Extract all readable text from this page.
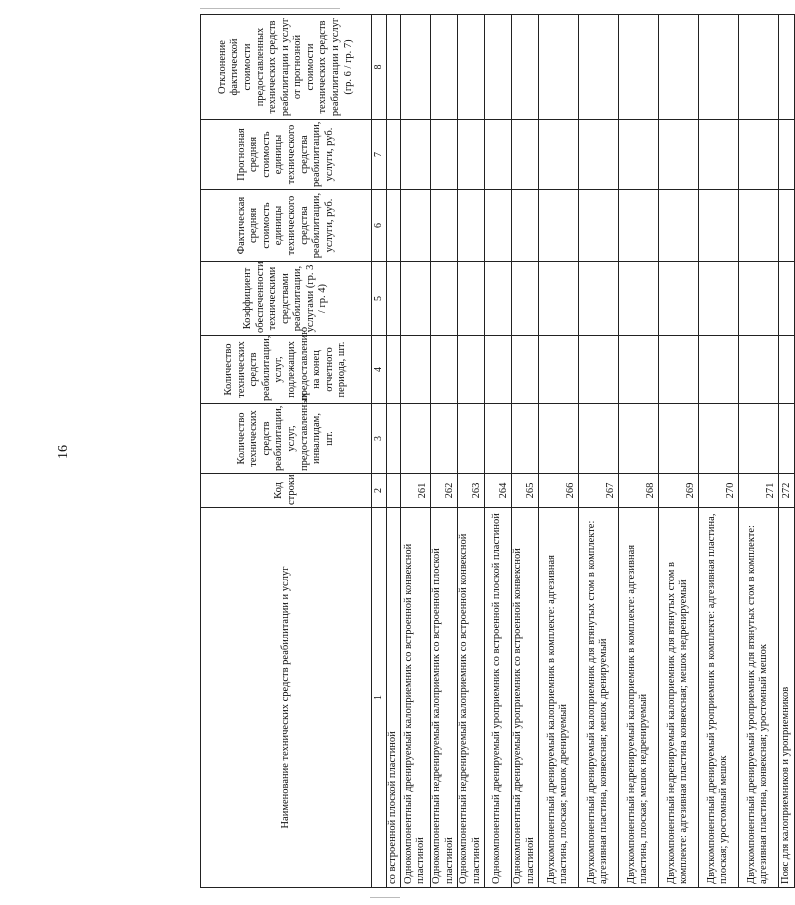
16
Наименование технических средств реабилитации и услуг	Код строки	Количество технических средств реабилитации, услуг, предоставленных инвалидам, шт.	Количество технических средств реабилитации, услуг, подлежащих предоставлению на конец отчетного периода, шт.	Коэффициент обеспеченности техническими средствами реабилитации, услугами (гр. 3 / гр. 4)	Фактическая средняя стоимость единицы технического средства реабилитации, услуги, руб.	Прогнозная средняя стоимость единицы технического средства реабилитации, услуги, руб.	Отклонение фактической стоимости предоставленных технических средств реабилитации и услуг от прогнозной стоимости технических средств реабилитации и услуг (гр. 6 / гр. 7)
1	2	3	4	5	6	7	8
со встроенной плоской пластиной							
Однокомпонентный дренируемый калоприемник со встроенной конвексной пластиной	261						
Однокомпонентный недренируемый калоприемник со встроенной плоской пластиной	262						
Однокомпонентный недренируемый калоприемник со встроенной конвексной пластиной	263						
Однокомпонентный дренируемый уроприемник со встроенной плоской пластиной	264						
Однокомпонентный дренируемый уроприемник со встроенной конвексной пластиной	265						
Двухкомпонентный дренируемый калоприемник в комплекте: адгезивная пластина, плоская; мешок дренируемый	266						
Двухкомпонентный дренируемый калоприемник для втянутых стом в комплекте: адгезивная пластина, конвексная; мешок дренируемый	267						
Двухкомпонентный недренируемый калоприемник в комплекте: адгезивная пластина, плоская; мешок недренируемый	268						
Двухкомпонентный недренируемый калоприемник для втянутых стом в комплекте: адгезивная пластина конвексная; мешок недренируемый	269						
Двухкомпонентный дренируемый уроприемник в комплекте: адгезивная пластина, плоская; уростомный мешок	270						
Двухкомпонентный дренируемый уроприемник для втянутых стом в комплекте: адгезивная пластина, конвексная; уростомный мешок	271						
Пояс для калоприемников и уроприемников	272						
